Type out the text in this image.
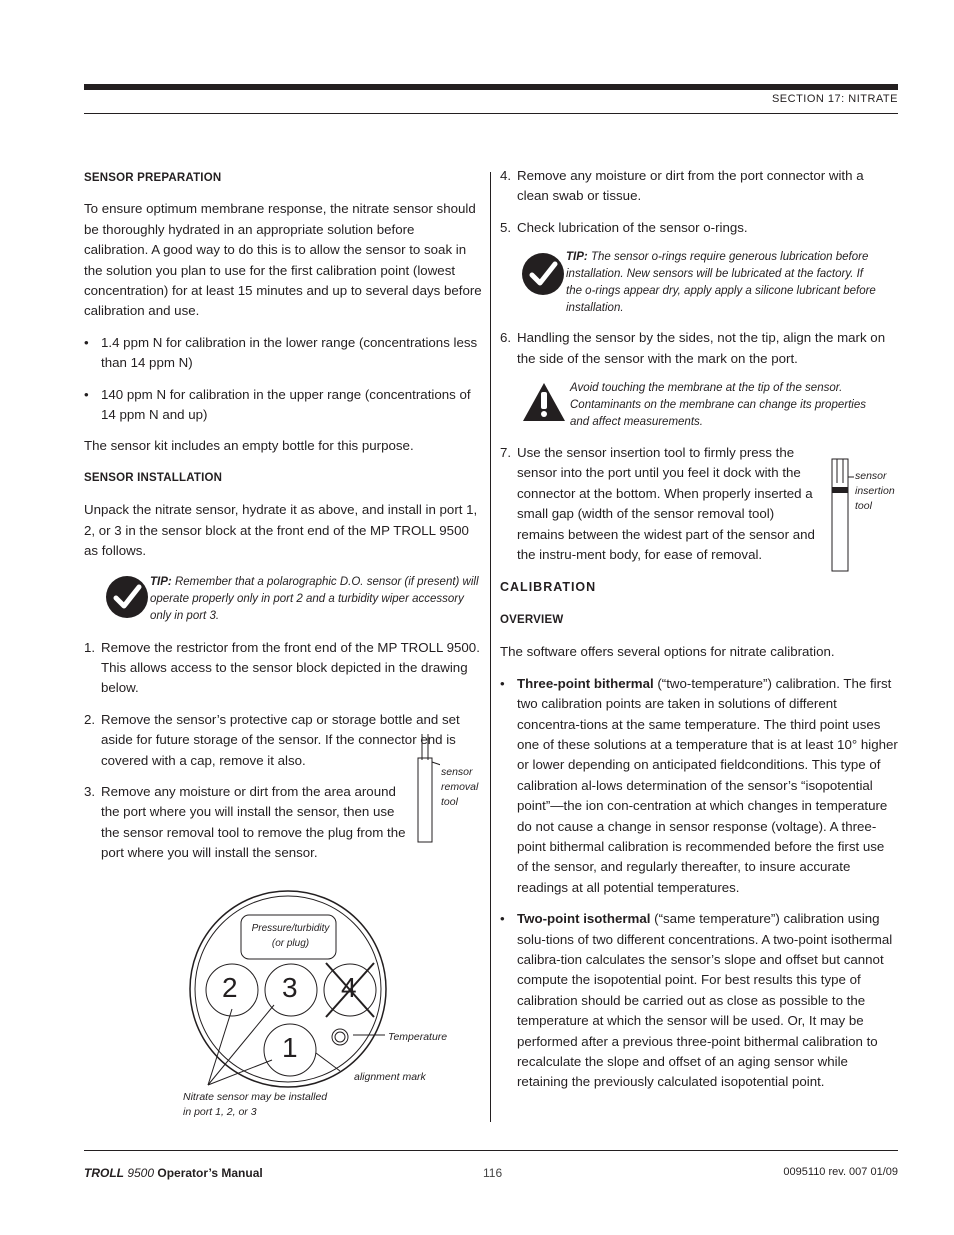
SECTION 17: NITRATE

SENSOR PREPARATION

To ensure optimum membrane response, the nitrate sensor should be thoroughly hydrated in an appropriate solution before calibration. A good way to do this is to allow the sensor to soak in the solution you plan to use for the first calibration point (lowest concentration) for at least 15 minutes and up to several days before calibration and use.

• 1.4 ppm N for calibration in the lower range (concentrations less than 14 ppm N)
• 140 ppm N for calibration in the upper range (concentrations of 14 ppm N and up)

The sensor kit includes an empty bottle for this purpose.

SENSOR INSTALLATION

Unpack the nitrate sensor, hydrate it as above, and install in port 1, 2, or 3 in the sensor block at the front end of the MP TROLL 9500 as follows.

TIP: Remember that a polarographic D.O. sensor (if present) will operate properly only in port 2 and a turbidity wiper accessory only in port 3.
1. Remove the restrictor from the front end of the MP TROLL 9500. This allows access to the sensor block depicted in the drawing below.
2. Remove the sensor’s protective cap or storage bottle and set aside for future storage of the sensor. If the connector end is covered with a cap, remove it also.
3. Remove any moisture or dirt from the area around the port where you will install the sensor, then use the sensor removal tool to remove the plug from the port where you will install the sensor.
sensor
removal
tool
Pressure/turbidity
(or plug)
2 3 4
1	Temperature
alignment mark
Nitrate sensor may be installed
in port 1, 2, or 3
4. Remove any moisture or dirt from the port connector with a clean swab or tissue.
5. Check lubrication of the sensor o-rings.
TIP: The sensor o-rings require generous lubrication before installation. New sensors will be lubricated at the factory. If the o-rings appear dry, apply apply a silicone lubricant before installation.
6. Handling the sensor by the sides, not the tip, align the mark on the side of the sensor with the mark on the port.
Avoid touching the membrane at the tip of the sensor. Contaminants on the membrane can change its properties and affect measurements.
7. Use the sensor insertion tool to firmly press the sensor into the port until you feel it dock with the connector at the bottom. When properly inserted a small gap (width of the sensor removal tool) remains between the widest part of the sensor and the instru-ment body, for ease of removal.

CALIBRATION

OVERVIEW

The software offers several options for nitrate calibration.

• Three-point bithermal (“two-temperature”) calibration. The first two calibration points are taken in solutions of different concentra-tions at the same temperature. The third point uses one of these solutions at a temperature that is at least 10° higher or lower depending on anticipated fieldconditions. This type of calibration al-lows determination of the sensor’s “isopotential point”—the ion con-centration at which changes in temperature do not cause a change in sensor response (voltage). A three-point bithermal calibration is recommended before the first use of the sensor, and regularly thereafter, to insure accurate readings at all potential temperatures.
• Two-point isothermal (“same temperature”) calibration using solu-tions of two different concentrations. A two-point isothermal calibra-tion calculates the sensor’s slope and offset but cannot compute the isopotential point. For best results this type of calibration should be carried out as close as possible to the temperature at which the sensor will be used. Or, It may be performed after a previous three-point bithermal calibration to recalculate the slope and offset of an aging sensor while retaining the previously calculated isopotential point.
sensor
insertion
tool
TROLL 9500 Operator’s Manual	116	0095110 rev. 007 01/09
